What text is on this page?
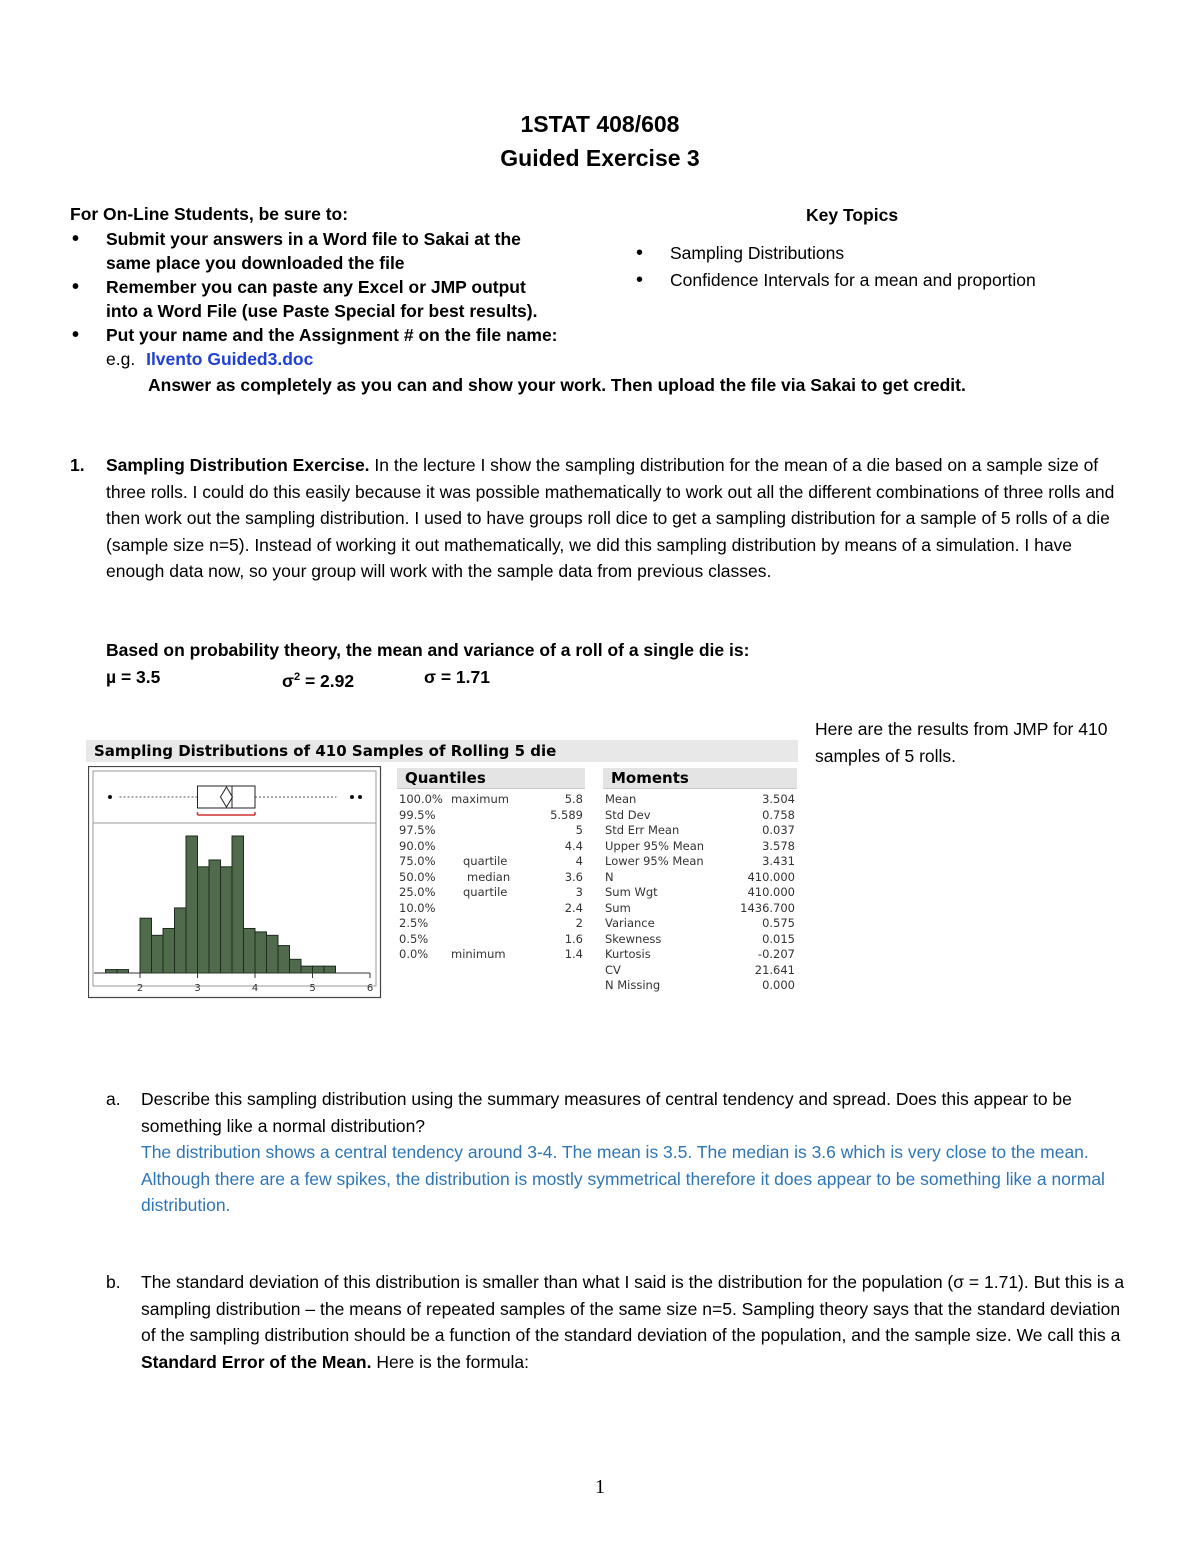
1STAT 408/608
Guided Exercise 3
For On-Line Students, be sure to:
• Submit your answers in a Word file to Sakai at the same place you downloaded the file
• Remember you can paste any Excel or JMP output into a Word File (use Paste Special for best results).
• Put your name and the Assignment # on the file name:
e.g. Ilvento Guided3.doc
Answer as completely as you can and show your work. Then upload the file via Sakai to get credit.
Key Topics
• Sampling Distributions
• Confidence Intervals for a mean and proportion
1. Sampling Distribution Exercise. In the lecture I show the sampling distribution for the mean of a die based on a sample size of three rolls. I could do this easily because it was possible mathematically to work out all the different combinations of three rolls and then work out the sampling distribution. I used to have groups roll dice to get a sampling distribution for a sample of 5 rolls of a die (sample size n=5). Instead of working it out mathematically, we did this sampling distribution by means of a simulation. I have enough data now, so your group will work with the sample data from previous classes.
Based on probability theory, the mean and variance of a roll of a single die is:
µ = 3.5	$\sigma^2 = 2.92$	σ = 1.71
Here are the results from JMP for 410 samples of 5 rolls.
Sampling Distributions of 410 Samples of Rolling 5 die
2	3	4	5	6
Quantiles
100.0% maximum	5.8
99.5%	5.589
97.5%	5
90.0%	4.4
75.0% quartile	4
50.0%	median	3.6
25.0% quartile	3
10.0%	2.4
2.5%	2
0.5%	1.6
0.0% minimum	1.4
Moments
Mean	3.504
Std Dev	0.758
Std Err Mean	0.037
Upper 95% Mean	3.578
Lower 95% Mean	3.431
N	410.000
Sum Wgt	410.000
Sum	1436.700
Variance	0.575
Skewness	0.015
Kurtosis	-0.207
CV	21.641
N Missing	0.000
a. Describe this sampling distribution using the summary measures of central tendency and spread. Does this appear to be something like a normal distribution?
The distribution shows a central tendency around 3-4. The mean is 3.5. The median is 3.6 which is very close to the mean. Although there are a few spikes, the distribution is mostly symmetrical therefore it does appear to be something like a normal distribution.
b. The standard deviation of this distribution is smaller than what I said is the distribution for the population (σ = 1.71). But this is a sampling distribution – the means of repeated samples of the same size n=5. Sampling theory says that the standard deviation of the sampling distribution should be a function of the standard deviation of the population, and the sample size. We call this a Standard Error of the Mean. Here is the formula:
1
